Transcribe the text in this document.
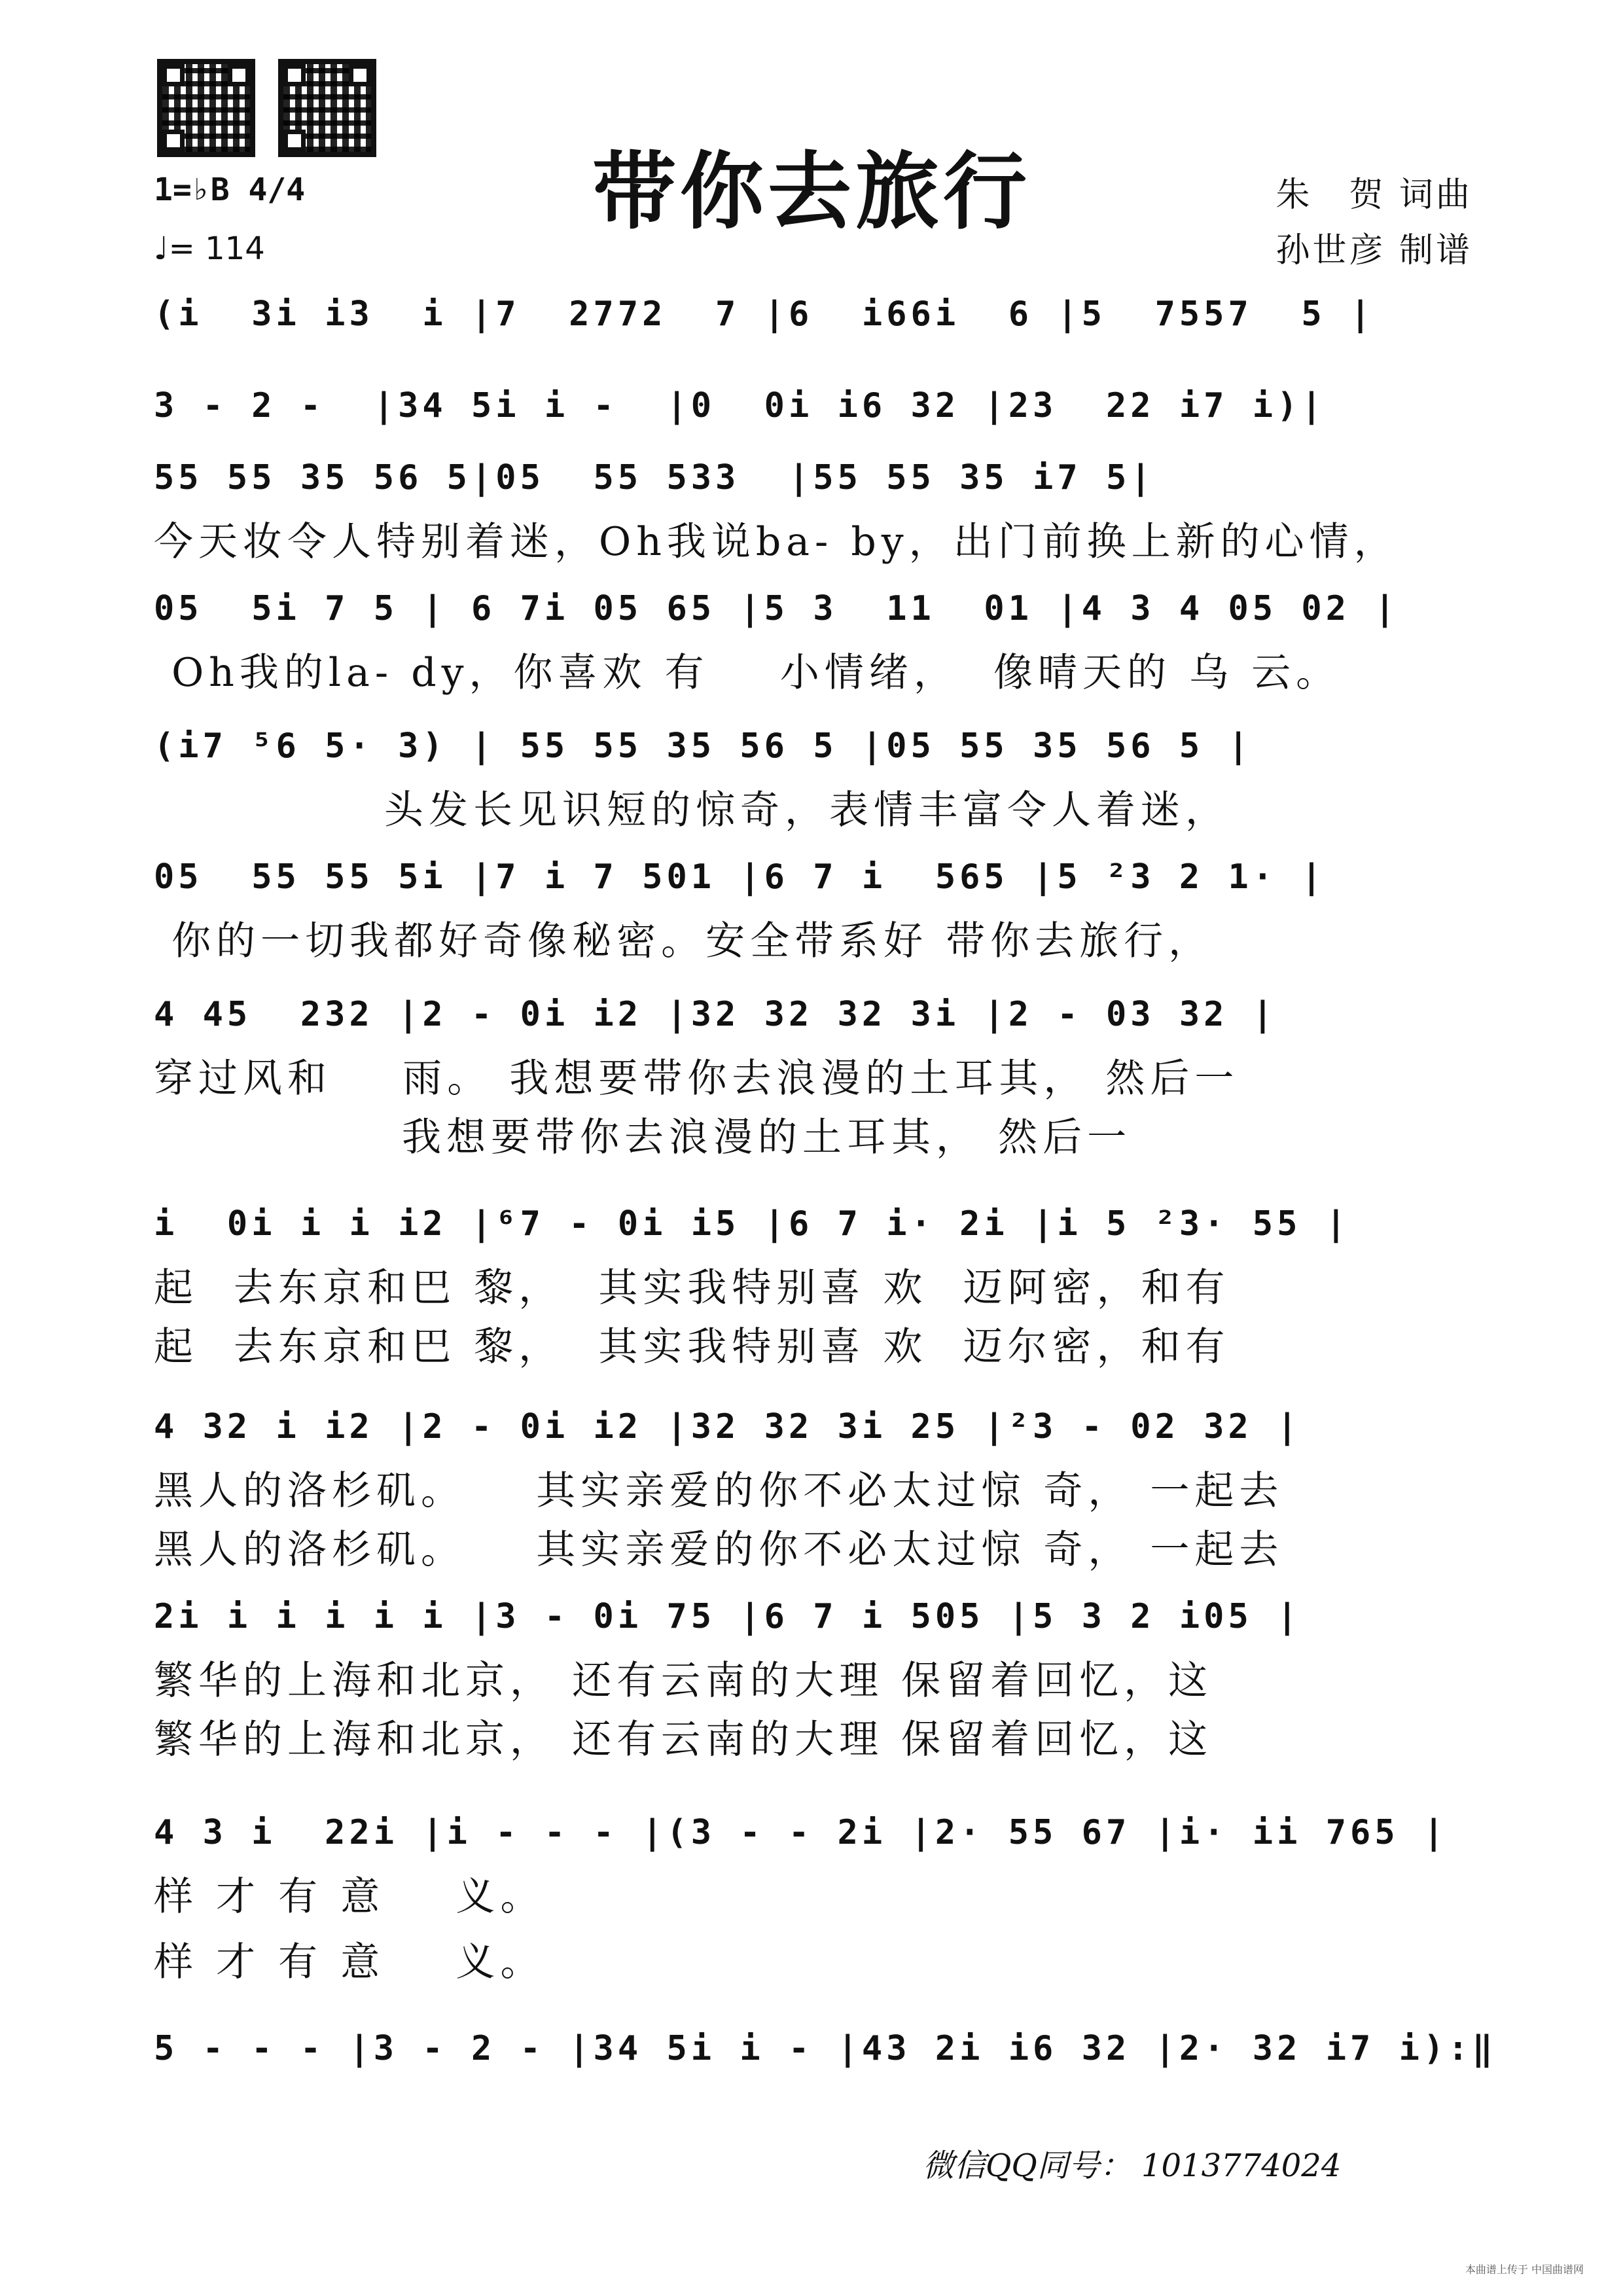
带你去旅行
1=♭B 4/4
♩= 114
朱　贺 词曲
孙世彦 制谱
(i  3i i3  i |7  2772  7 |6  i66i  6 |5  7557  5 |
3 - 2 -  |34 5i i -  |0  0i i6 32 |23  22 i7 i)|
55 55 35 56 5|05  55 533  |55 55 35 i7 5|
今天妆令人特别着迷，Oh我说ba- by，出门前换上新的心情，
05  5i 7 5 | 6 7i 05 65 |5 3  11  01 |4 3 4 05 02 |
Oh我的la- dy，你喜欢 有    小情绪，  像晴天的 乌 云。
(i7 ⁵6 5· 3) | 55 55 35 56 5 |05 55 35 56 5 |
头发长见识短的惊奇，表情丰富令人着迷，
05  55 55 5i |7 i 7 501 |6 7 i  565 |5 ²3 2 1· |
你的一切我都好奇像秘密。安全带系好 带你去旅行，
4 45  232 |2 - 0i i2 |32 32 32 3i |2 - 03 32 |
穿过风和    雨。 我想要带你去浪漫的土耳其， 然后一
我想要带你去浪漫的土耳其， 然后一
i  0i i i i2 |⁶7 - 0i i5 |6 7 i· 2i |i 5 ²3· 55 |
起  去东京和巴 黎，  其实我特别喜 欢  迈阿密，和有
起  去东京和巴 黎，  其实我特别喜 欢  迈尔密，和有
4 32 i i2 |2 - 0i i2 |32 32 3i 25 |²3 - 02 32 |
黑人的洛杉矶。    其实亲爱的你不必太过惊 奇， 一起去
黑人的洛杉矶。    其实亲爱的你不必太过惊 奇， 一起去
2i i i i i i |3 - 0i 75 |6 7 i 505 |5 3 2 i05 |
繁华的上海和北京， 还有云南的大理 保留着回忆，这
繁华的上海和北京， 还有云南的大理 保留着回忆，这
4 3 i  22i |i - - - |(3 - - 2i |2· 55 67 |i· ii 765 |
样 才 有 意    义。
样 才 有 意    义。
5 - - - |3 - 2 - |34 5i i - |43 2i i6 32 |2· 32 i7 i):‖
微信QQ同号： 1013774024
本曲谱上传于 中国曲谱网
